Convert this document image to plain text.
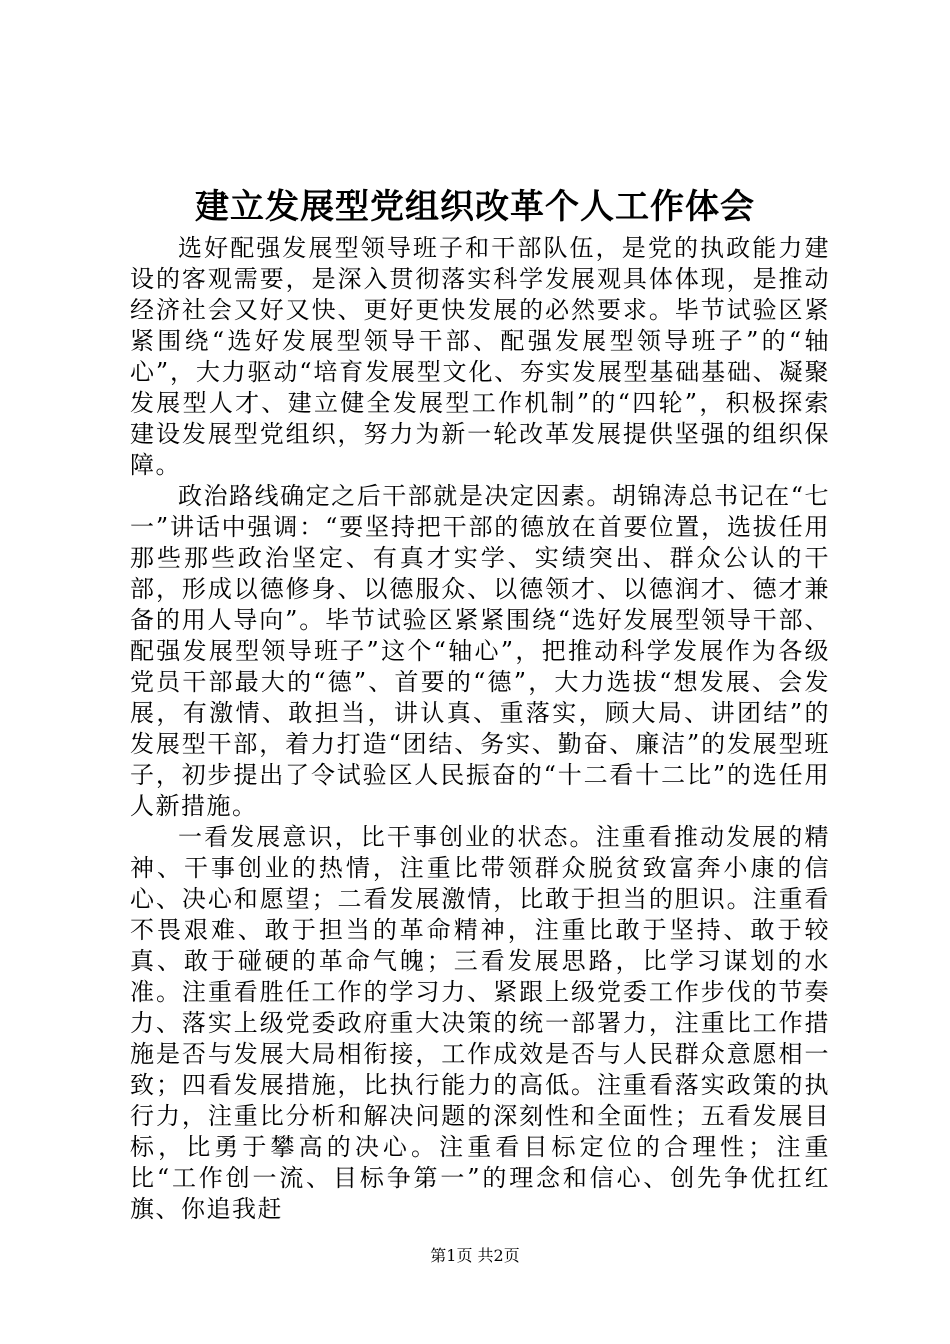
建立发展型党组织改革个人工作体会

选好配强发展型领导班子和干部队伍，是党的执政能力建设的客观需要，是深入贯彻落实科学发展观具体体现，是推动经济社会又好又快、更好更快发展的必然要求。毕节试验区紧紧围绕“选好发展型领导干部、配强发展型领导班子”的“轴心”，大力驱动“培育发展型文化、夯实发展型基础基础、凝聚发展型人才、建立健全发展型工作机制”的“四轮”，积极探索建设发展型党组织，努力为新一轮改革发展提供坚强的组织保障。

政治路线确定之后干部就是决定因素。胡锦涛总书记在“七一”讲话中强调：“要坚持把干部的德放在首要位置，选拔任用那些那些政治坚定、有真才实学、实绩突出、群众公认的干部，形成以德修身、以德服众、以德领才、以德润才、德才兼备的用人导向”。毕节试验区紧紧围绕“选好发展型领导干部、配强发展型领导班子”这个“轴心”，把推动科学发展作为各级党员干部最大的“德”、首要的“德”，大力选拔“想发展、会发展，有激情、敢担当，讲认真、重落实，顾大局、讲团结”的发展型干部，着力打造“团结、务实、勤奋、廉洁”的发展型班子，初步提出了令试验区人民振奋的“十二看十二比”的选任用人新措施。

一看发展意识，比干事创业的状态。注重看推动发展的精神、干事创业的热情，注重比带领群众脱贫致富奔小康的信心、决心和愿望；二看发展激情，比敢于担当的胆识。注重看不畏艰难、敢于担当的革命精神，注重比敢于坚持、敢于较真、敢于碰硬的革命气魄；三看发展思路，比学习谋划的水准。注重看胜任工作的学习力、紧跟上级党委工作步伐的节奏力、落实上级党委政府重大决策的统一部署力，注重比工作措施是否与发展大局相衔接，工作成效是否与人民群众意愿相一致；四看发展措施，比执行能力的高低。注重看落实政策的执行力，注重比分析和解决问题的深刻性和全面性；五看发展目标，比勇于攀高的决心。注重看目标定位的合理性；注重比“工作创一流、目标争第一”的理念和信心、创先争优扛红旗、你追我赶

第1页 共2页
